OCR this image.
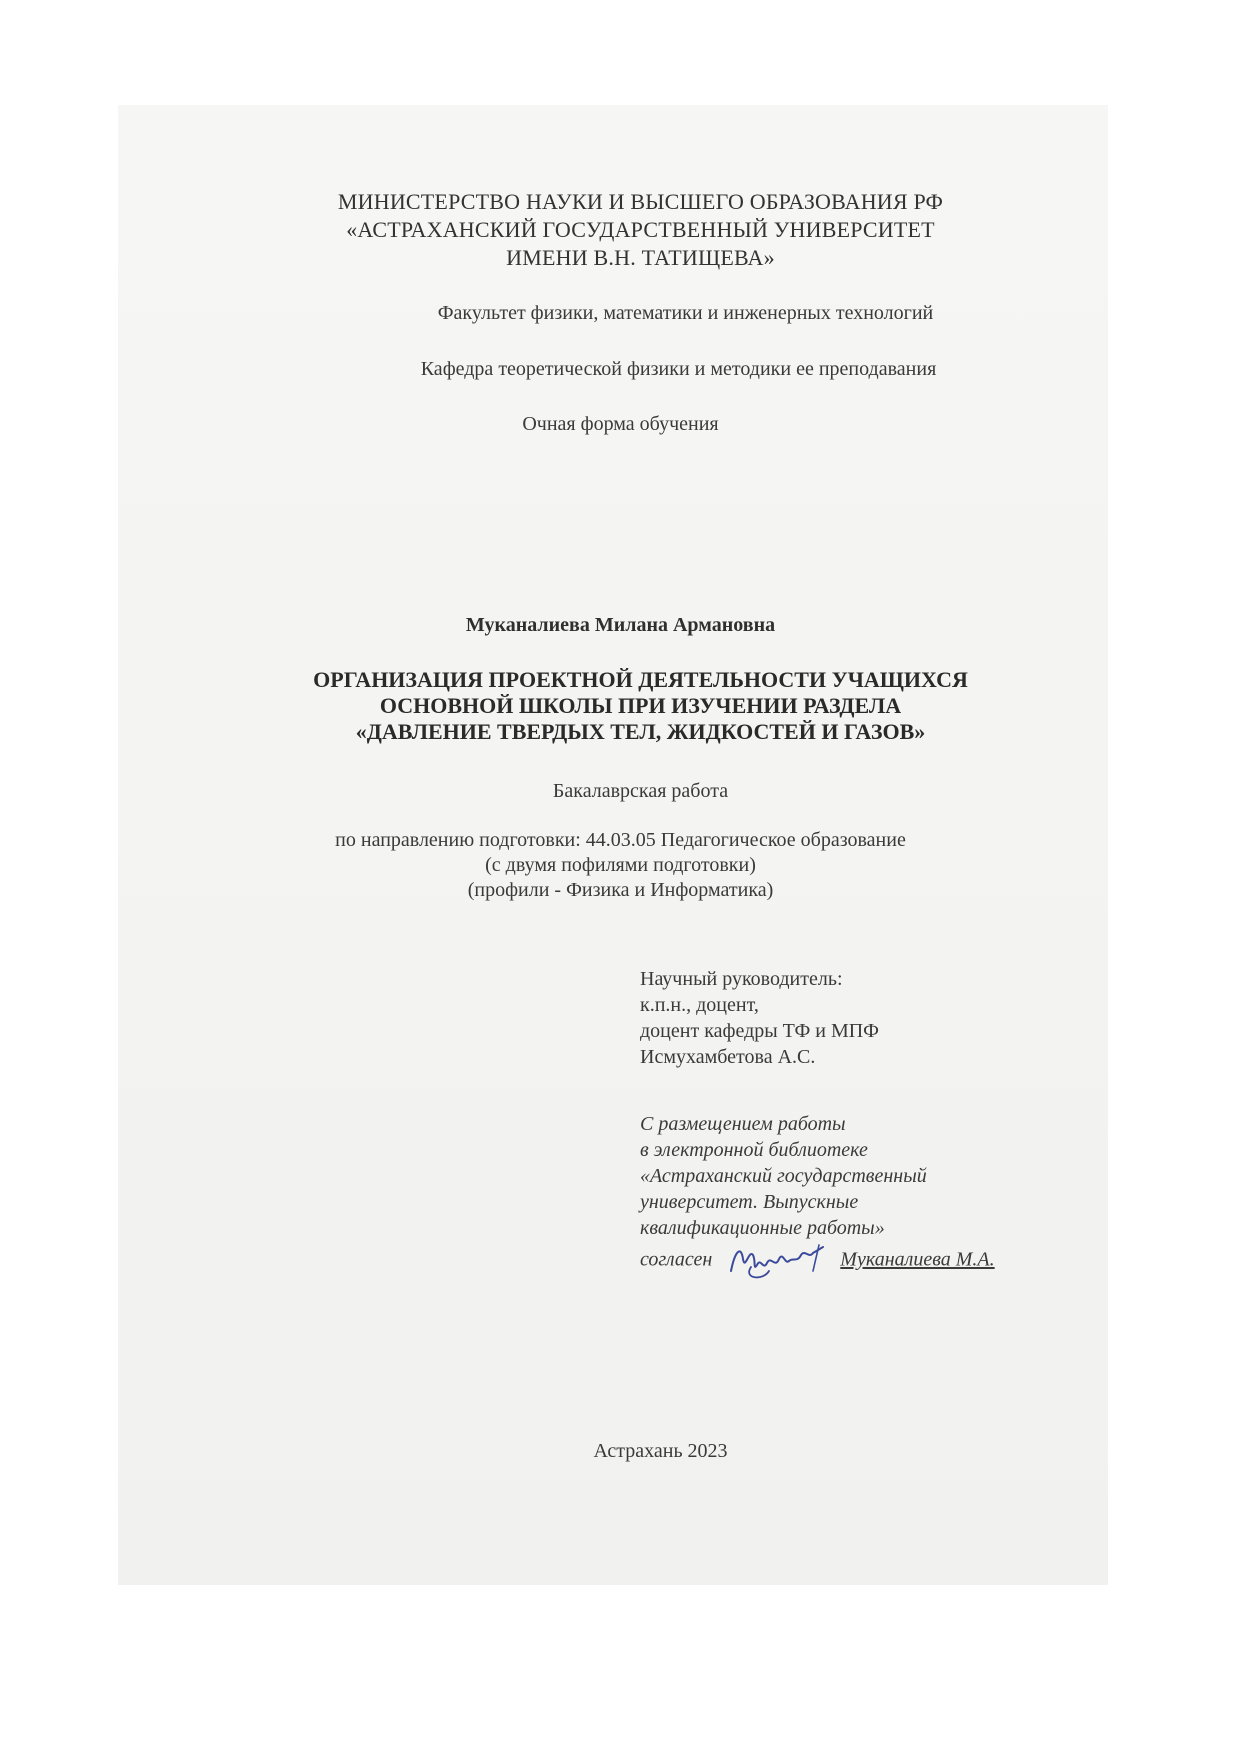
МИНИСТЕРСТВО НАУКИ И ВЫСШЕГО ОБРАЗОВАНИЯ РФ
«АСТРАХАНСКИЙ ГОСУДАРСТВЕННЫЙ УНИВЕРСИТЕТ
ИМЕНИ В.Н. ТАТИЩЕВА»
Факультет физики, математики и инженерных технологий
Кафедра теоретической физики и методики ее преподавания
Очная форма обучения
Муканалиева Милана Армановна
ОРГАНИЗАЦИЯ ПРОЕКТНОЙ ДЕЯТЕЛЬНОСТИ УЧАЩИХСЯ
ОСНОВНОЙ ШКОЛЫ ПРИ ИЗУЧЕНИИ РАЗДЕЛА
«ДАВЛЕНИЕ ТВЕРДЫХ ТЕЛ, ЖИДКОСТЕЙ И ГАЗОВ»
Бакалаврская работа
по направлению подготовки: 44.03.05 Педагогическое образование
(с двумя пофилями подготовки)
(профили - Физика и Информатика)
Научный руководитель:
к.п.н., доцент,
доцент кафедры ТФ и МПФ
Исмухамбетова А.С.
С размещением работы
в электронной библиотеке
«Астраханский государственный
университет. Выпускные
квалификационные работы»
согласен	Муканалиева М.А.
Астрахань 2023
